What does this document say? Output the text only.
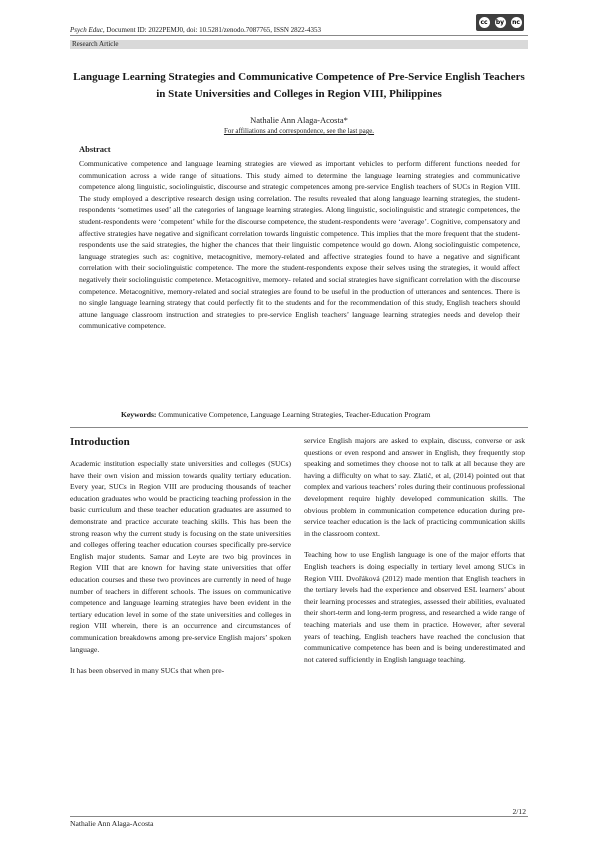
Psych Educ, Document ID: 2022PEMJ0, doi: 10.5281/zenodo.7087765, ISSN 2822-4353
cc	by nc
Research Article
Language Learning Strategies and Communicative Competence of Pre-Service English Teachers in State Universities and Colleges in Region VIII, Philippines
Nathalie Ann Alaga-Acosta*
For affiliations and correspondence, see the last page.
Abstract

Communicative competence and language learning strategies are viewed as important vehicles to perform different functions needed for communication across a wide range of situations. This study aimed to determine the language learning strategies and communicative competence along linguistic, sociolinguistic, discourse and strategic competences among pre-service English teachers of SUCs in Region VIII. The study employed a descriptive research design using correlation. The results revealed that along language learning strategies, the student-respondents ‘sometimes used’ all the categories of language learning strategies. Along linguistic, sociolinguistic and strategic competences, the student-respondents were ‘competent’ while for the discourse competence, the student-respondents were ‘average’. Cognitive, compensatory and affective strategies have negative and significant correlation towards linguistic competence. This implies that the more frequent that the student- respondents use the said strategies, the higher the chances that their linguistic competence would go down. Along sociolinguistic competence, language strategies such as: cognitive, metacognitive, memory-related and affective strategies found to have a negative and significant correlation with their sociolinguistic competence. The more the student-respondents expose their selves using the strategies, it would affect negatively their sociolinguistic competence. Metacognitive, memory- related and social strategies have significant correlation with the discourse competence. Metacognitive, memory-related and social strategies are found to be useful in the production of utterances and sentences. There is no single language learning strategy that could perfectly fit to the students and for the recommendation of this study, English teachers should attune language classroom instruction and strategies to pre-service English teachers’ language learning strategies needs and develop their communicative competence.

Keywords: Communicative Competence, Language Learning Strategies, Teacher-Education Program
Introduction

Academic institution especially state universities and colleges (SUCs) have their own vision and mission towards quality tertiary education. Every year, SUCs in Region VIII are producing thousands of teacher education graduates who would be practicing teaching profession in the basic curriculum and these teacher education graduates are assumed to demonstrate and practice accurate teaching skills. This has been the strong reason why the current study is focusing on the state universities and colleges offering teacher education courses specifically pre-service English major students. Samar and Leyte are two big provinces in Region VIII that are known for having state universities that offer education courses and these two provinces are currently in need of huge number of teachers in different schools. The issues on communicative competence and language learning strategies have been evident in the tertiary education level in some of the state universities and colleges in region VIII wherein, there is an occurrence and circumstances of communication breakdowns among pre-service English majors’ spoken language.

It has been observed in many SUCs that when pre-

service English majors are asked to explain, discuss, converse or ask questions or even respond and answer in English, they frequently stop speaking and sometimes they choose not to talk at all because they are having a difficulty on what to say. Zlatić, et al, (2014) pointed out that complex and various teachers’ roles during their continuous professional development require highly developed communication skills. The obvious problem in communication competence education during pre-service teacher education is the lack of practicing communication skills in the classroom context.

Teaching how to use English language is one of the major efforts that English teachers is doing especially in tertiary level among SUCs in Region VIII. Dvořáková (2012) made mention that English teachers in the tertiary levels had the experience and observed ESL learners’ about their learning processes and strategies, assessed their abilities, evaluated their short-term and long-term progress, and researched a wide range of teaching materials and use them in practice. However, after several years of teaching, English teachers have reached the conclusion that communicative competence has been and is being underestimated and not catered sufficiently in English language teaching.

2/12
Nathalie Ann Alaga-Acosta
